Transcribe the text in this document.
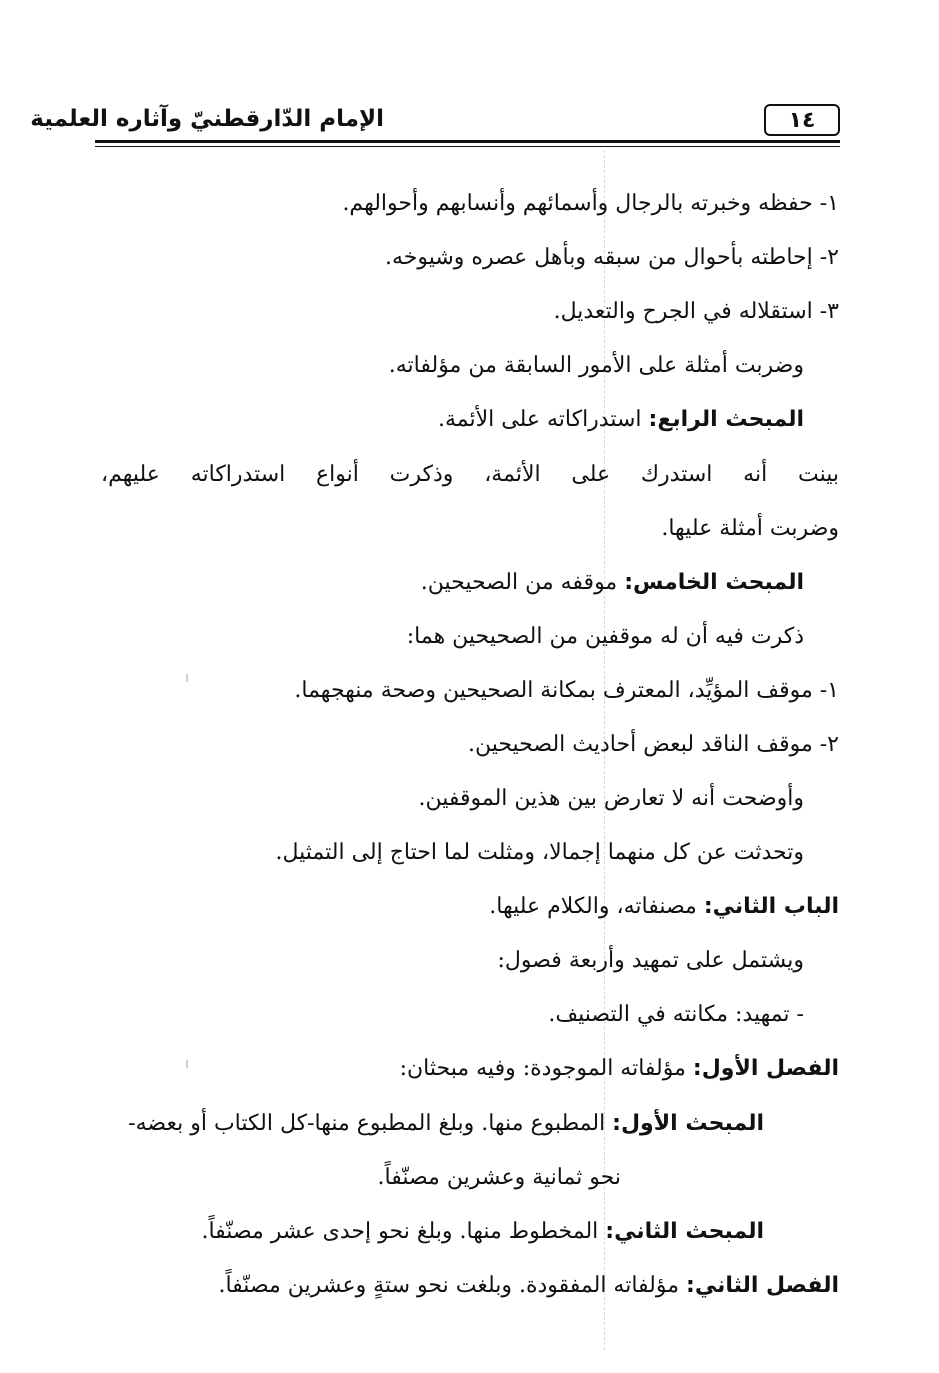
الإمام الدّارقطنيّ وآثاره العلمية	١٤
١- حفظه وخبرته بالرجال وأسمائهم وأنسابهم وأحوالهم.
٢- إحاطته بأحوال من سبقه وبأهل عصره وشيوخه.
٣- استقلاله في الجرح والتعديل.
وضربت أمثلة على الأمور السابقة من مؤلفاته.
المبحث الرابع: استدراكاته على الأئمة.
بينت أنه استدرك على الأئمة، وذكرت أنواع استدراكاته عليهم،
وضربت أمثلة عليها.
المبحث الخامس: موقفه من الصحيحين.
ذكرت فيه أن له موقفين من الصحيحين هما:
١- موقف المؤيِّد، المعترف بمكانة الصحيحين وصحة منهجهما.
٢- موقف الناقد لبعض أحاديث الصحيحين.
وأوضحت أنه لا تعارض بين هذين الموقفين.
وتحدثت عن كل منهما إجمالا، ومثلت لما احتاج إلى التمثيل.
الباب الثاني: مصنفاته، والكلام عليها.
ويشتمل على تمهيد وأربعة فصول:
- تمهيد: مكانته في التصنيف.
الفصل الأول: مؤلفاته الموجودة: وفيه مبحثان:
المبحث الأول: المطبوع منها. وبلغ المطبوع منها-كل الكتاب أو بعضه-
نحو ثمانية وعشرين مصنّفاً.
المبحث الثاني: المخطوط منها. وبلغ نحو إحدى عشر مصنّفاً.
الفصل الثاني: مؤلفاته المفقودة. وبلغت نحو ستةٍ وعشرين مصنّفاً.
